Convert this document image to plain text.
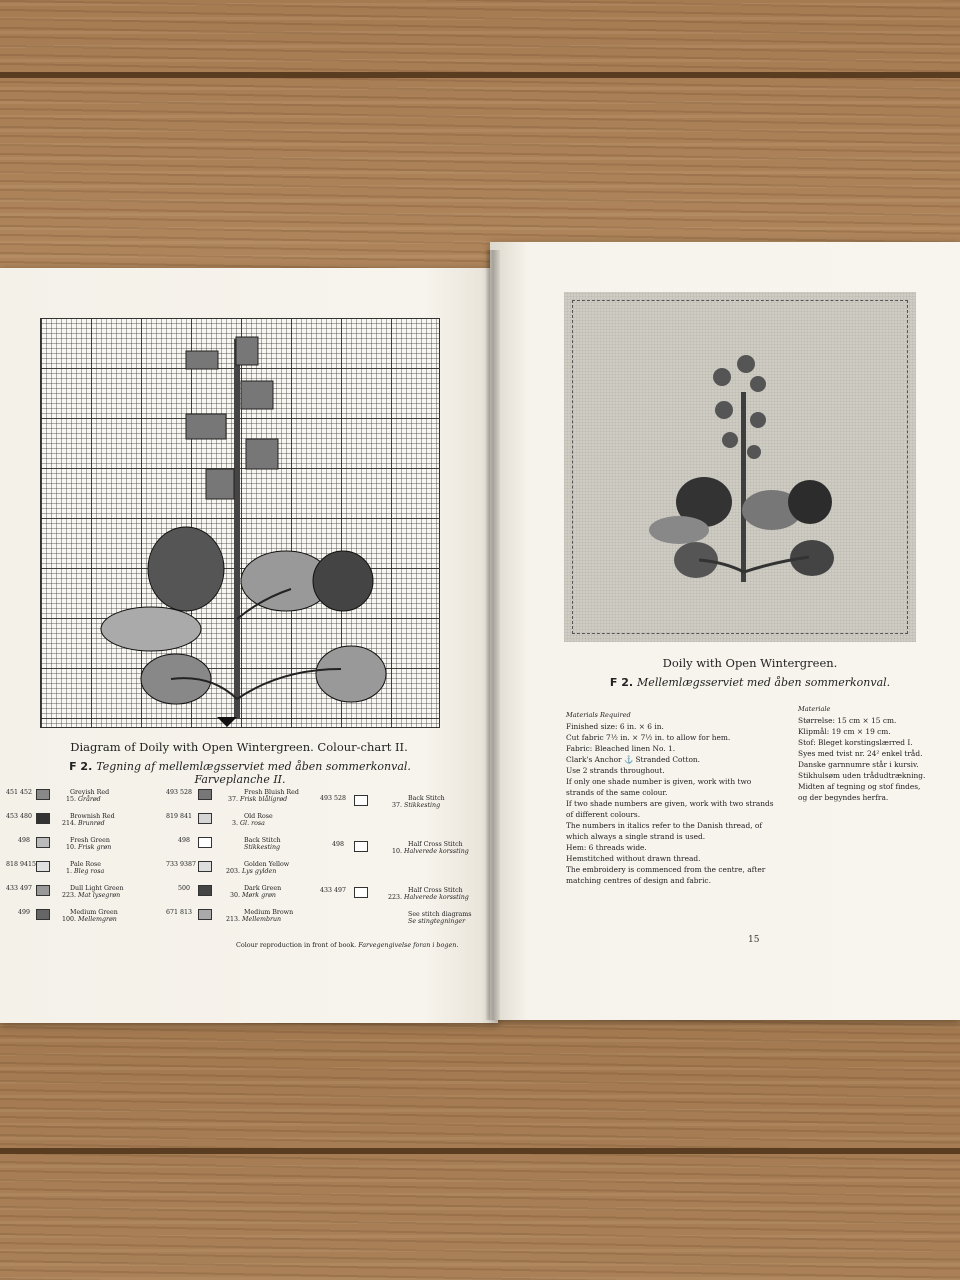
Diagram of Doily with Open Wintergreen. Colour-chart II.
F 2. Tegning af mellemlægsserviet med åben sommerkonval. Farveplanche II.
451 452	Greyish Red

15. Grårød
453 480	Brownish Red

214. Brunrød
498	Fresh Green

10. Frisk grøn
818 9415	Pale Rose

1. Bleg rosa
433 497	Dull Light Green

223. Mat lysegrøn
499	Medium Green

100. Mellemgrøn
493 528	Fresh Bluish Red

37. Frisk blålígrød
819 841	Old Rose

3. Gl. rosa
498	Back Stitch

Stikkesting
733 9387	Golden Yellow

203. Lys gylden
500	Dark Green

30. Mørk grøn
671 813	Medium Brown

213. Mellembrun
493 528	Back Stitch

37. Stikkesting
498	Half Cross Stitch

10. Halverede korssting
433 497	Half Cross Stitch

223. Halverede korssting
See stitch diagrams

Se stingtegninger
Colour reproduction in front of book. Farvegengivelse foran i bogen.
Doily with Open Wintergreen.
F 2. Mellemlægsserviet med åben sommerkonval.
Materials Required
Finished size: 6 in. × 6 in.
Cut fabric 7½ in. × 7½ in. to allow for hem.
Fabric: Bleached linen No. 1.
Clark's Anchor ⚓ Stranded Cotton.
Use 2 strands throughout.
If only one shade number is given, work with two
strands of the same colour.
If two shade numbers are given, work with two strands
of different colours.
The numbers in italics refer to the Danish thread, of
which always a single strand is used.
Hem: 6 threads wide.
Hemstitched without drawn thread.
The embroidery is commenced from the centre, after
matching centres of design and fabric.
Materiale
Størrelse: 15 cm × 15 cm.
Klipmål: 19 cm × 19 cm.
Stof: Bleget korstingslærred I.
Syes med tvist nr. 24² enkel tråd.
Danske garnnumre står i kursiv.
Stikhulsøm uden trådudtrækning.
Midten af tegning og stof findes,
og der begyndes herfra.
15
